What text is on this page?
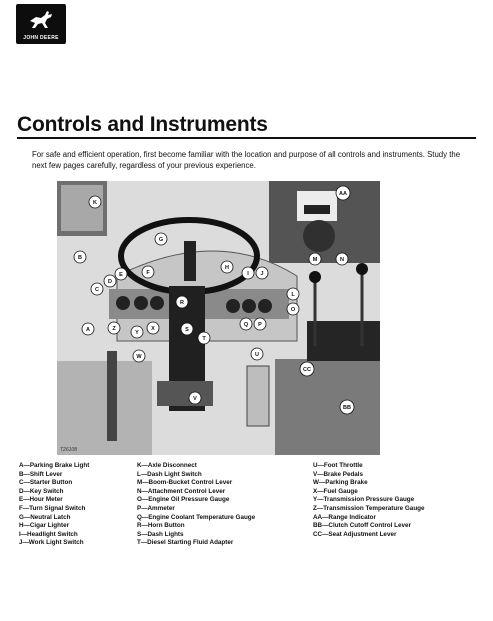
JOHN DEERE
Controls and Instruments
For safe and efficient operation, first become familiar with the location and purpose of all controls and instruments. Study the next few pages carefully, regardless of your previous experience.
A
B
C
D
E	F
G
H
I J
K
L
M	N
O
P
Q
R
S
T
U
V
W
X
Y
Z
AA
BB
CC
T26108
A—Parking Brake Light
B—Shift Lever
C—Starter Button
D—Key Switch
E—Hour Meter
F—Turn Signal Switch
G—Neutral Latch
H—Cigar Lighter
I—Headlight Switch
J—Work Light Switch
K—Axle Disconnect
L—Dash Light Switch
M—Boom-Bucket Control Lever
N—Attachment Control Lever
O—Engine Oil Pressure Gauge
P—Ammeter
Q—Engine Coolant Temperature Gauge
R—Horn Button
S—Dash Lights
T—Diesel Starting Fluid Adapter
U—Foot Throttle
V—Brake Pedals
W—Parking Brake
X—Fuel Gauge
Y—Transmission Pressure Gauge
Z—Transmission Temperature Gauge
AA—Range Indicator
BB—Clutch Cutoff Control Lever
CC—Seat Adjustment Lever
